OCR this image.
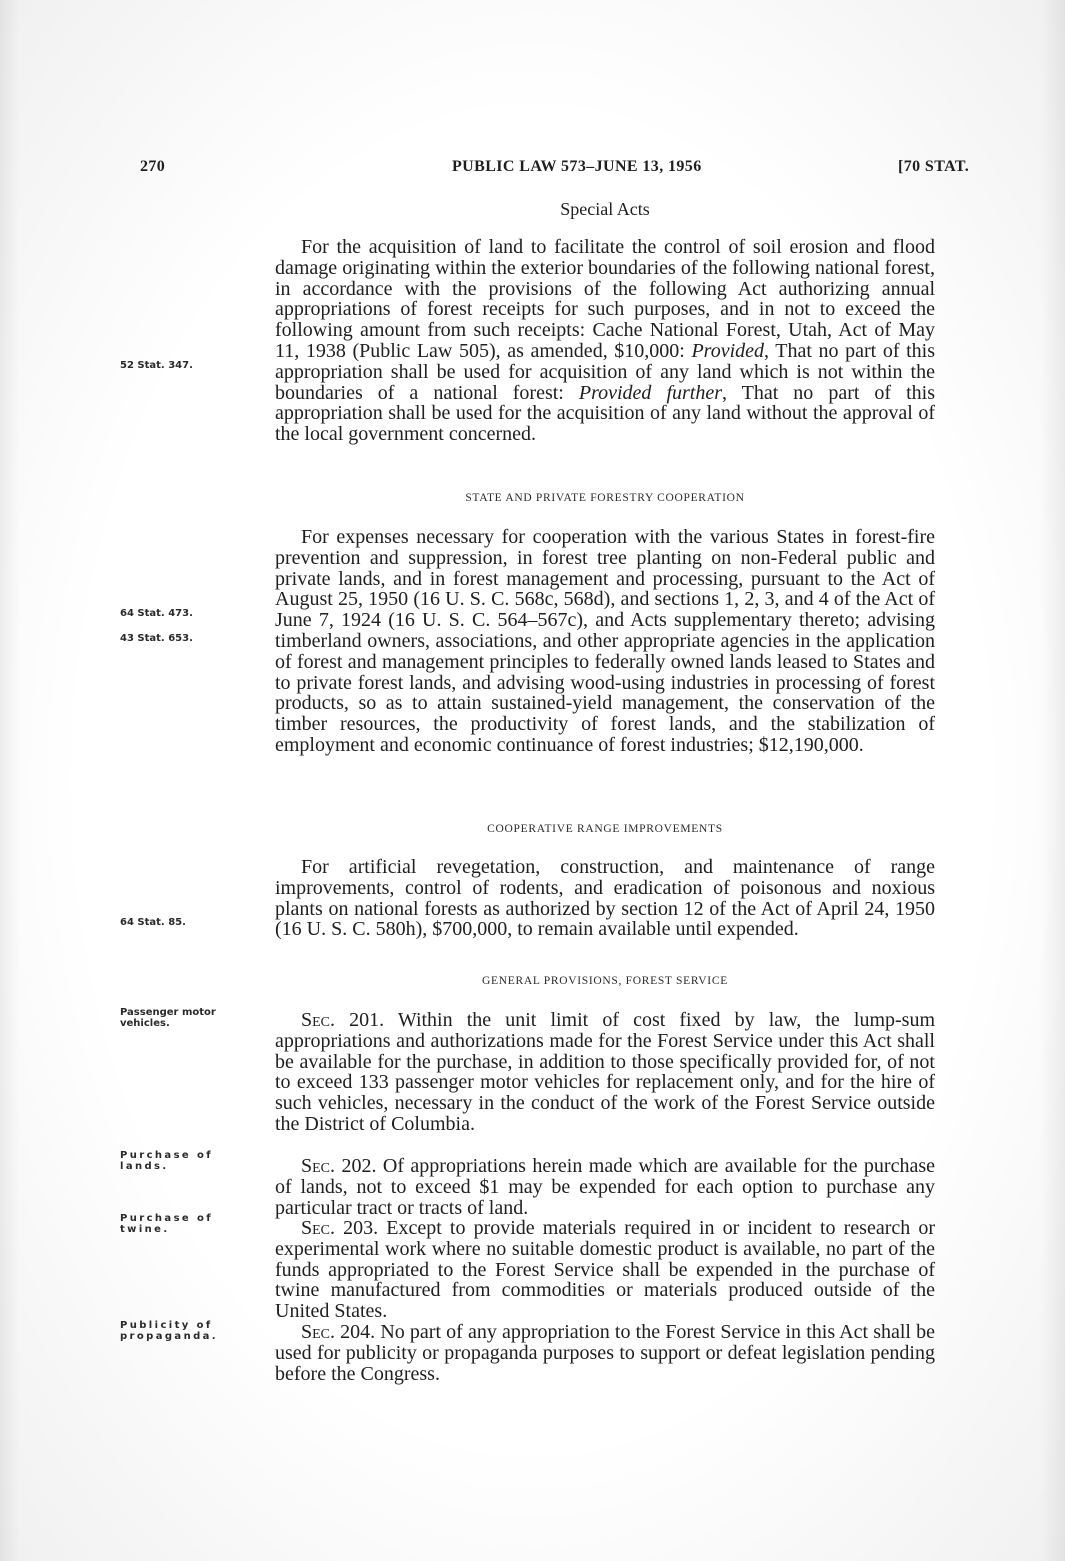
270	PUBLIC LAW 573–JUNE 13, 1956	[70 STAT.
Special Acts

For the acquisition of land to facilitate the control of soil erosion and flood damage originating within the exterior boundaries of the following national forest, in accordance with the provisions of the following Act authorizing annual appropriations of forest receipts for such purposes, and in not to exceed the following amount from such receipts: Cache National Forest, Utah, Act of May 11, 1938 (Public Law 505), as amended, $10,000: Provided, That no part of this appropriation shall be used for acquisition of any land which is not within the boundaries of a national forest: Provided further, That no part of this appropriation shall be used for the acquisition of any land without the approval of the local government concerned.

52 Stat. 347.
STATE AND PRIVATE FORESTRY COOPERATION

For expenses necessary for cooperation with the various States in forest-fire prevention and suppression, in forest tree planting on non-Federal public and private lands, and in forest management and processing, pursuant to the Act of August 25, 1950 (16 U. S. C. 568c, 568d), and sections 1, 2, 3, and 4 of the Act of June 7, 1924 (16 U. S. C. 564–567c), and Acts supplementary thereto; advising timberland owners, associations, and other appropriate agencies in the application of forest and management principles to federally owned lands leased to States and to private forest lands, and advising wood-using industries in processing of forest products, so as to attain sustained-yield management, the conservation of the timber resources, the productivity of forest lands, and the stabilization of employment and economic continuance of forest industries; $12,190,000.

64 Stat. 473.
43 Stat. 653.
COOPERATIVE RANGE IMPROVEMENTS

For artificial revegetation, construction, and maintenance of range improvements, control of rodents, and eradication of poisonous and noxious plants on national forests as authorized by section 12 of the Act of April 24, 1950 (16 U. S. C. 580h), $700,000, to remain available until expended.

64 Stat. 85.
GENERAL PROVISIONS, FOREST SERVICE
Passenger motor
vehicles.	Sec. 201. Within the unit limit of cost fixed by law, the lump-sum appropriations and authorizations made for the Forest Service under this Act shall be available for the purchase, in addition to those specifically provided for, of not to exceed 133 passenger motor vehicles for replacement only, and for the hire of such vehicles, necessary in the conduct of the work of the Forest Service outside the District of Columbia.

Purchase of
lands.	Sec. 202. Of appropriations herein made which are available for the purchase of lands, not to exceed $1 may be expended for each option to purchase any particular tract or tracts of land.

Purchase of
twine.	Sec. 203. Except to provide materials required in or incident to research or experimental work where no suitable domestic product is available, no part of the funds appropriated to the Forest Service shall be expended in the purchase of twine manufactured from commodities or materials produced outside of the United States.

Publicity of
propaganda.	Sec. 204. No part of any appropriation to the Forest Service in this Act shall be used for publicity or propaganda purposes to support or defeat legislation pending before the Congress.
